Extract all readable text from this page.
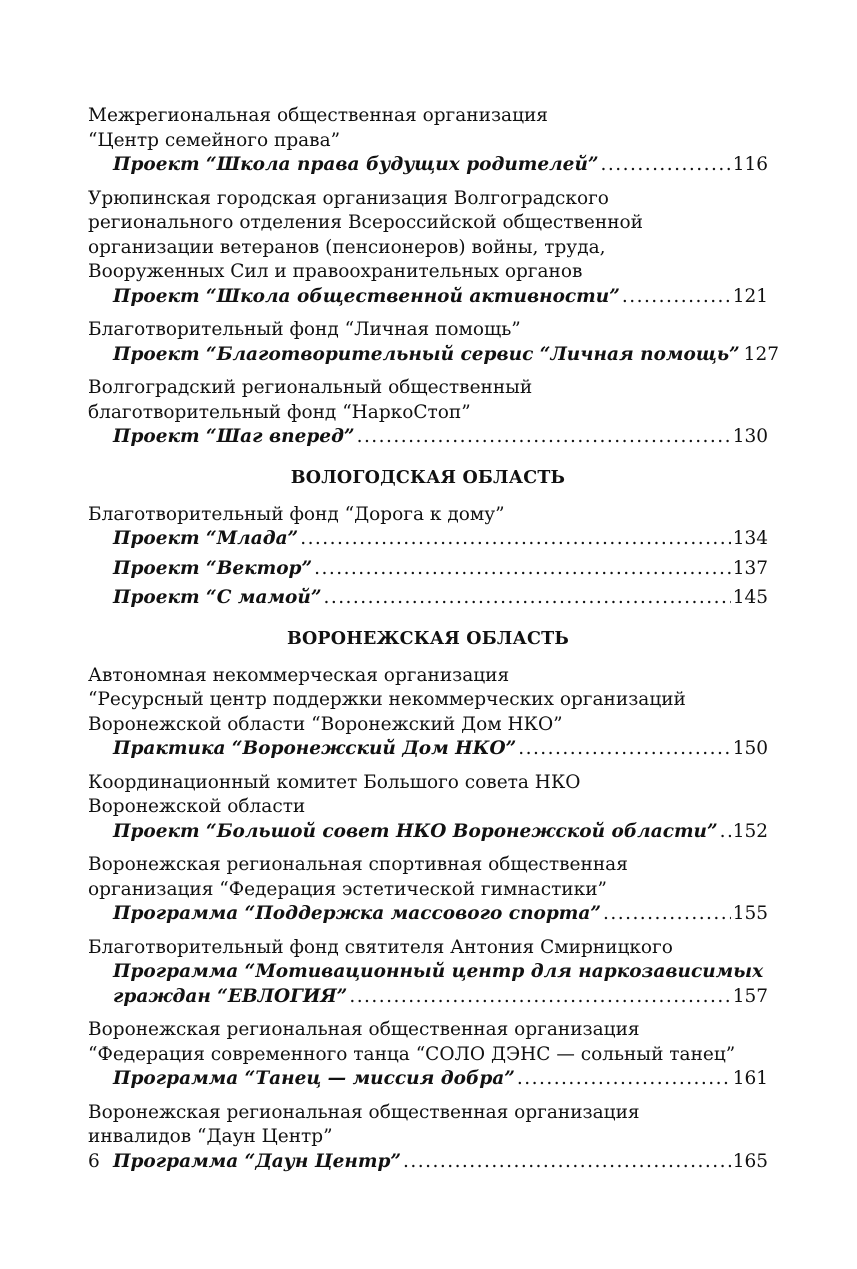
Межрегиональная общественная организация
“Центр семейного права”
Проект “Школа права будущих родителей” . . .	116
Урюпинская городская организация Волгоградского
регионального отделения Всероссийской общественной
организации ветеранов (пенсионеров) войны, труда,
Вооруженных Сил и правоохранительных органов
Проект “Школа общественной активности” . . .	121
Благотворительный фонд “Личная помощь”
Проект “Благотворительный сервис “Личная помощь” 127
Волгоградский региональный общественный
благотворительный фонд “НаркоСтоп”
Проект “Шаг вперед” . . .	130
ВОЛОГОДСКАЯ ОБЛАСТЬ
Благотворительный фонд “Дорога к дому”
Проект “Млада” . . .	134
Проект “Вектор” . . .	137
Проект “С мамой” . . .	145
ВОРОНЕЖСКАЯ ОБЛАСТЬ
Автономная некоммерческая организация
“Ресурсный центр поддержки некоммерческих организаций
Воронежской области “Воронежский Дом НКО”
Практика “Воронежский Дом НКО” . . .	150
Координационный комитет Большого совета НКО
Воронежской области
Проект “Большой совет НКО Воронежской области” . . . 152
Воронежская региональная спортивная общественная
организация “Федерация эстетической гимнастики”
Программа “Поддержка массового спорта” . . .	155
Благотворительный фонд святителя Антония Смирницкого
Программа “Мотивационный центр для наркозависимых
граждан “ЕВЛОГИЯ” . . .	157
Воронежская региональная общественная организация
“Федерация современного танца “СОЛО ДЭНС — сольный танец”
Программа “Танец — миссия добра” . . .	161
Воронежская региональная общественная организация
инвалидов “Даун Центр”
Программа “Даун Центр” . . .	165
6
